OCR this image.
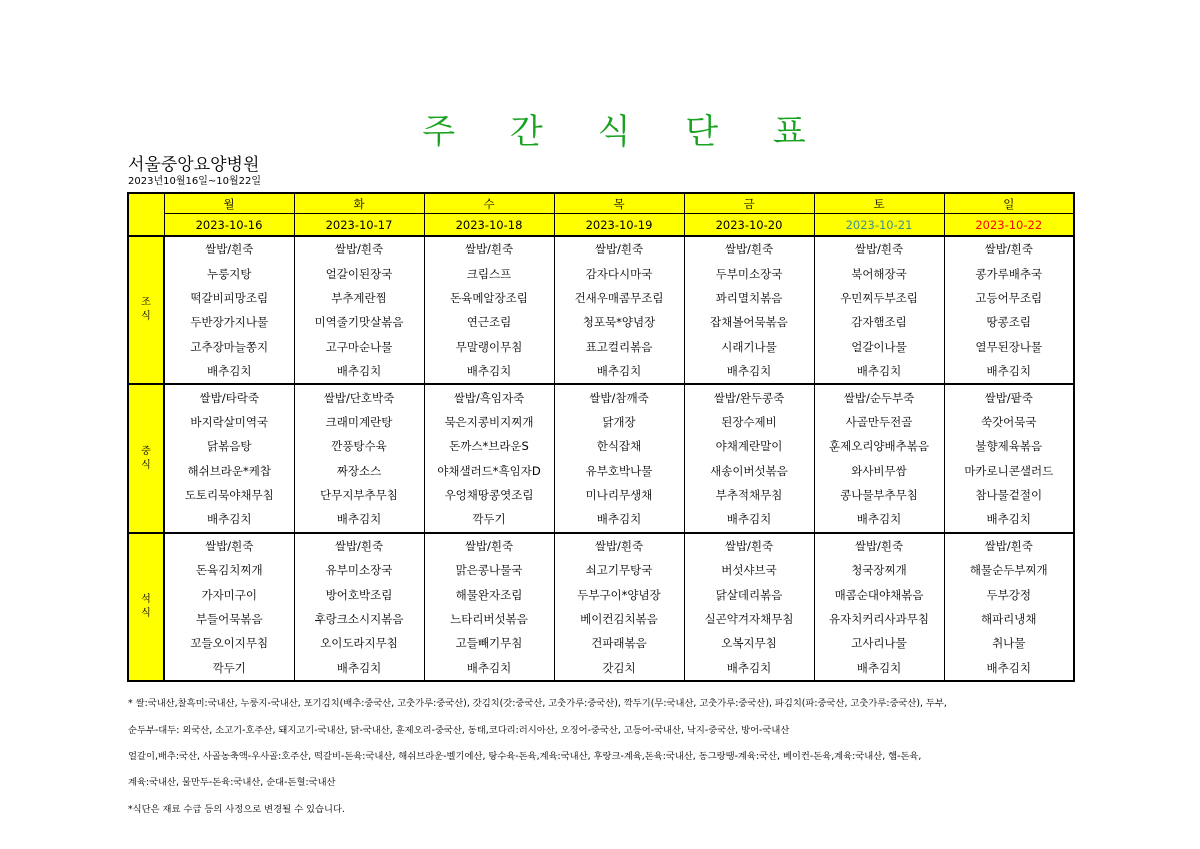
주 간 식 단 표
서울중앙요양병원
2023년10월16일~10월22일
	월	화	수	목	금	토	일
	2023-10-16	2023-10-17	2023-10-18	2023-10-19	2023-10-20	2023-10-21	2023-10-22
조
식	쌀밥/흰죽	쌀밥/흰죽	쌀밥/흰죽	쌀밥/흰죽	쌀밥/흰죽	쌀밥/흰죽	쌀밥/흰죽
	누룽지탕	얼갈이된장국	크림스프	감자다시마국	두부미소장국	북어해장국	콩가루배추국
	떡갈비피망조림	부추계란찜	돈육메알장조림	건새우매콤무조림	꽈리멸치볶음	우민찌두부조림	고등어무조림
	두반장가지나물	미역줄기맛살볶음	연근조림	청포묵*양념장	잡채볼어묵볶음	감자햄조림	땅콩조림
	고추장마늘쫑지	고구마순나물	무말랭이무침	표고컬리볶음	시래기나물	얼갈이나물	열무된장나물
	배추김치	배추김치	배추김치	배추김치	배추김치	배추김치	배추김치
중
식	쌀밥/타락죽	쌀밥/단호박죽	쌀밥/흑임자죽	쌀밥/참깨죽	쌀밥/완두콩죽	쌀밥/순두부죽	쌀밥/팥죽
	바지락살미역국	크래미계란탕	묵은지콩비지찌개	닭개장	된장수제비	사골만두전골	쑥갓어묵국
	닭볶음탕	깐풍탕수육	돈까스*브라운S	한식잡채	야채계란말이	훈제오리양배추볶음	불향제육볶음
	해쉬브라운*케찹	짜장소스	야채샐러드*흑임자D	유부호박나물	새송이버섯볶음	와사비무쌈	마카로니콘샐러드
	도토리묵야채무침	단무지부추무침	우엉채땅콩엿조림	미나리무생채	부추적채무침	콩나물부추무침	참나물겉절이
	배추김치	배추김치	깍두기	배추김치	배추김치	배추김치	배추김치
석
식	쌀밥/흰죽	쌀밥/흰죽	쌀밥/흰죽	쌀밥/흰죽	쌀밥/흰죽	쌀밥/흰죽	쌀밥/흰죽
	돈육김치찌개	유부미소장국	맑은콩나물국	쇠고기무탕국	버섯샤브국	청국장찌개	해물순두부찌개
	가자미구이	방어호박조림	해물완자조림	두부구이*양념장	닭살데리볶음	매콤순대야채볶음	두부강정
	부들어묵볶음	후랑크소시지볶음	느타리버섯볶음	베이컨김치볶음	실곤약겨자채무침	유자치커리사과무침	해파리냉채
	꼬들오이지무침	오이도라지무침	고들빼기무침	건파래볶음	오복지무침	고사리나물	취나물
	깍두기	배추김치	배추김치	갓김치	배추김치	배추김치	배추김치

* 쌀:국내산,찰흑미:국내산, 누룽지-국내산, 포기김치(배추:중국산, 고춧가루:중국산), 갓김치(갓:중국산, 고춧가루:중국산), 깍두기(무:국내산, 고춧가루:중국산), 파김치(파:중국산, 고춧가루:중국산), 두부,

순두부-대두: 외국산, 소고기-호주산, 돼지고기-국내산, 닭-국내산, 훈제오리-중국산, 동태,코다리:러시아산, 오징어-중국산, 고등어-국내산, 낙지-중국산, 방어-국내산

얼갈이,배추:국산, 사골농축액-우사골:호주산, 떡갈비-돈육:국내산, 해쉬브라운-벨기에산, 탕수육-돈육,계육:국내산, 후랑크-계육,돈육:국내산, 동그랑땡-계육:국산, 베이컨-돈육,계육:국내산, 햄-돈육,

계육:국내산, 물만두-돈육:국내산, 순대-돈혈:국내산

*식단은 재료 수급 등의 사정으로 변경될 수 있습니다.
